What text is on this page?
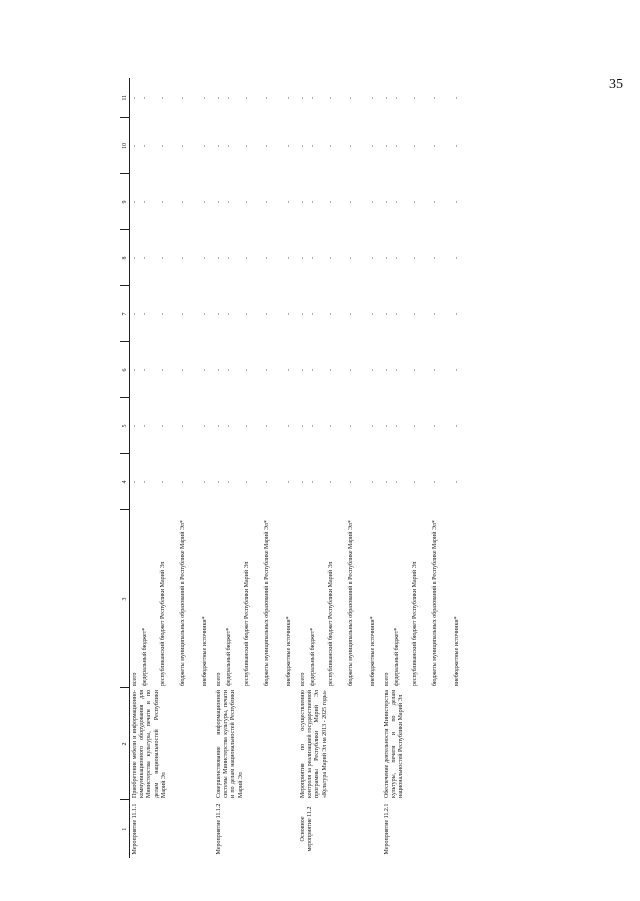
35
1	2	3	4	5	6	7	8	9	10	11
Мероприятие 11.1.1	Приобретение мебели и информационно-коммуникационного оборудования для Министерства культуры, печати и по делам национальностей Республики Марий Эл	всего федеральный бюджет* республиканский бюджет Республики Марий Эл бюджеты муниципальных образований в Республике Марий Эл* внебюджетные источники*	- - - - -	- - - - -	- - - - -	- - - - -	- - - - -	- - - - -	- - - - -	- - - - -

Мероприятие 11.1.2	Совершенствование информационной системы Министерства культуры, печати и по делам национальностей Республики Марий Эл	всего федеральный бюджет* республиканский бюджет Республики Марий Эл бюджеты муниципальных образований в Республике Марий Эл* внебюджетные источники*	- - - - -	- - - - -	- - - - -	- - - - -	- - - - -	- - - - -	- - - - -	- - - - -

Основное мероприятие 11.2	Мероприятия по осуществлению контроля за реализацией государственной программы Республики Марий Эл «Культура Марий Эл на 2013 - 2025 годы»	всего федеральный бюджет* республиканский бюджет Республики Марий Эл бюджеты муниципальных образований в Республике Марий Эл* внебюджетные источники*	- - - - -	- - - - -	- - - - -	- - - - -	- - - - -	- - - - -	- - - - -	- - - - -

Мероприятие 11.2.1	Обеспечение деятельности Министерства культуры, печати и по делам национальностей Республики Марий Эл	всего федеральный бюджет* республиканский бюджет Республики Марий Эл бюджеты муниципальных образований в Республике Марий Эл* внебюджетные источники*	- - - - -	- - - - -	- - - - -	- - - - -	- - - - -	- - - - -	- - - - -	- - - - -
